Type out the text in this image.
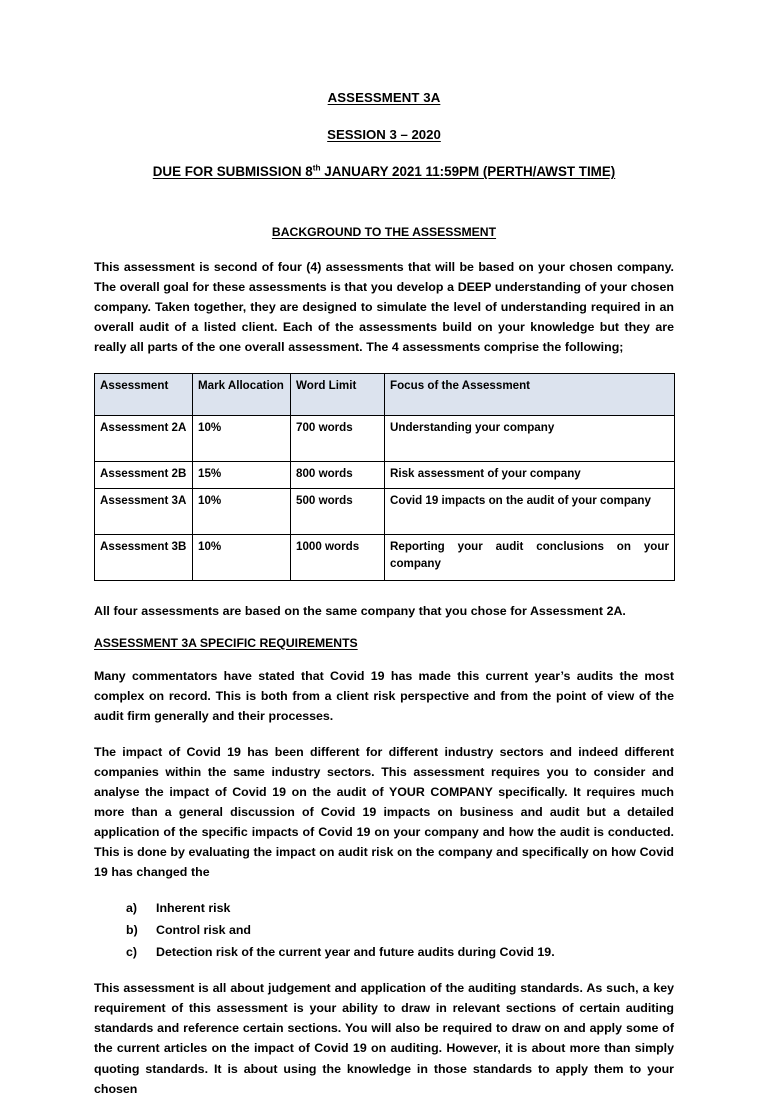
ASSESSMENT 3A
SESSION 3 – 2020
DUE FOR SUBMISSION 8th JANUARY 2021 11:59PM (PERTH/AWST TIME)
BACKGROUND TO THE ASSESSMENT

This assessment is second of four (4) assessments that will be based on your chosen company. The overall goal for these assessments is that you develop a DEEP understanding of your chosen company. Taken together, they are designed to simulate the level of understanding required in an overall audit of a listed client. Each of the assessments build on your knowledge but they are really all parts of the one overall assessment. The 4 assessments comprise the following;

Assessment	Mark Allocation	Word Limit	Focus of the Assessment
Assessment 2A	10%	700 words	Understanding your company
Assessment 2B	15%	800 words	Risk assessment of your company
Assessment 3A	10%	500 words	Covid 19 impacts on the audit of your company
Assessment 3B	10%	1000 words	Reporting your audit conclusions on your company

All four assessments are based on the same company that you chose for Assessment 2A.

ASSESSMENT 3A SPECIFIC REQUIREMENTS

Many commentators have stated that Covid 19 has made this current year’s audits the most complex on record. This is both from a client risk perspective and from the point of view of the audit firm generally and their processes.

The impact of Covid 19 has been different for different industry sectors and indeed different companies within the same industry sectors. This assessment requires you to consider and analyse the impact of Covid 19 on the audit of YOUR COMPANY specifically. It requires much more than a general discussion of Covid 19 impacts on business and audit but a detailed application of the specific impacts of Covid 19 on your company and how the audit is conducted. This is done by evaluating the impact on audit risk on the company and specifically on how Covid 19 has changed the

a)	Inherent risk
b)	Control risk and
c)	Detection risk of the current year and future audits during Covid 19.

This assessment is all about judgement and application of the auditing standards. As such, a key requirement of this assessment is your ability to draw in relevant sections of certain auditing standards and reference certain sections. You will also be required to draw on and apply some of the current articles on the impact of Covid 19 on auditing. However, it is about more than simply quoting standards. It is about using the knowledge in those standards to apply them to your chosen
